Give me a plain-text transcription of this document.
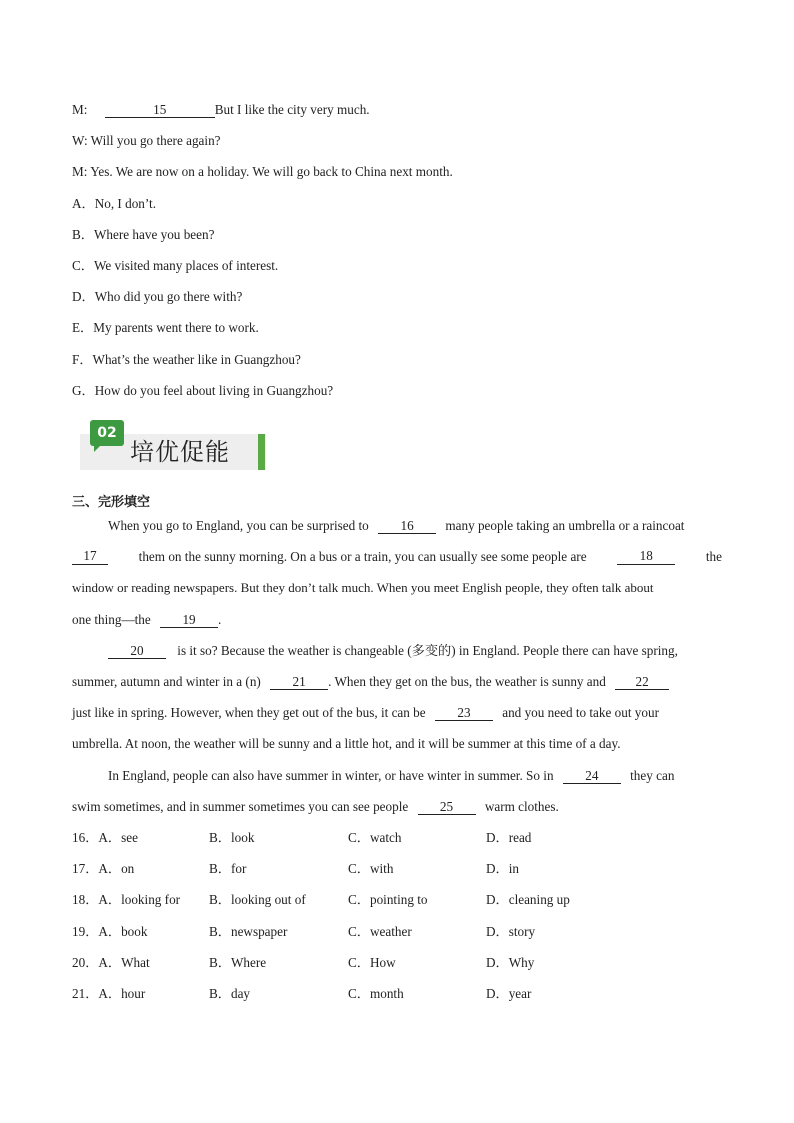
M:	15	But I like the city very much.
W: Will you go there again?
M: Yes. We are now on a holiday. We will go back to China next month.
A．No, I don’t.
B．Where have you been?
C．We visited many places of interest.
D．Who did you go there with?
E．My parents went there to work.
F．What’s the weather like in Guangzhou?
G．How do you feel about living in Guangzhou?
02
培优促能
三、完形填空
When you go to England, you can be surprised to 16 many people taking an umbrella or a raincoat
17	them on the sunny morning. On a bus or a train, you can usually see some people are	18	the
window or reading newspapers. But they don’t talk much. When you meet English people, they often talk about
one thing—the 19 .
20	is it so? Because the weather is changeable (多变的) in England. People there can have spring,
summer, autumn and winter in a (n) 21 . When they get on the bus, the weather is sunny and 22
just like in spring. However, when they get out of the bus, it can be 23 and you need to take out your
umbrella. At noon, the weather will be sunny and a little hot, and it will be summer at this time of a day.
In England, people can also have summer in winter, or have winter in summer. So in 24 they can
swim sometimes, and in summer sometimes you can see people 25 warm clothes.
16．A．see	B．look	C．watch	D．read
17．A．on	B．for	C．with	D．in
18．A．looking for B．looking out of	C．pointing to	D．cleaning up
19．A．book	B．newspaper	C．weather	D．story
20．A．What	B．Where	C．How	D．Why
21．A．hour	B．day	C．month	D．year
